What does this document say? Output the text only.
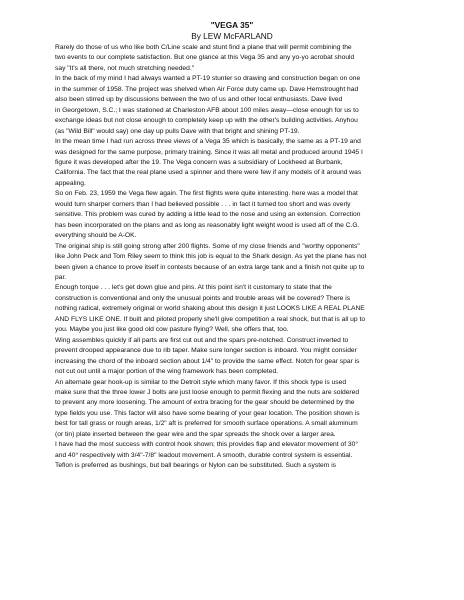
"VEGA 35"
By LEW McFARLAND

Rarely do those of us who like both C/Line scale and stunt find a plane that will permit combining the
two events to our complete satisfaction. But one glance at this Vega 35 and any yo-yo acrobat should
say "It's all there, not much stretching needed."

In the back of my mind I had always wanted a PT-19 stunter so drawing and construction began on one
in the summer of 1958. The project was shelved when Air Force duty came up. Dave Hemstrought had
also been stirred up by discussions between the two of us and other local enthusiasts. Dave lived
in Georgetown, S.C.; I was stationed at Charleston AFB about 100 miles away—close enough for us to
exchange ideas but not close enough to completely keep up with the other's building activities. Anyhou
(as "Wild Bill" would say) one day up pulls Dave with that bright and shining PT-19.

In the mean time I had run across three views of a Vega 35 which is basically, the same as a PT-19 and
was designed for the same purpose, primary training. Since it was all metal and produced around 1945 I
figure it was developed after the 19. The Vega concern was a subsidiary of Lockheed at Burbank,
California. The fact that the real plane used a spinner and there were few if any models of it around was
appealing.

So on Feb. 23, 1959 the Vega flew again. The first flights were quite interesting. here was a model that
would turn sharper corners than I had believed possible . . . in fact it turned too short and was overly
sensitive. This problem was cured by adding a little lead to the nose and using an extension. Correction
has been incorporated on the plans and as long as reasonably light weight wood is used aft of the C.G.
everything should be A-OK.

The original ship is still going strong after 200 flights. Some of my close friends and "worthy opponents"
like John Peck and Tom Riley seem to think this job is equal to the Shark design. As yet the plane has not
been given a chance to prove itself in contests because of an extra large tank and a finish not quite up to
par.

Enough torque . . . let's get down glue and pins. At this point isn't it customary to state that the
construction is conventional and only the unusual points and trouble areas will be covered? There is
nothing radical, extremely original or world shaking about this design it just LOOKS LIKE A REAL PLANE
AND FLYS LIKE ONE. If built and piloted properly she'll give competition a real shock, but that is all up to
you. Maybe you just like good old cow pasture flying? Well, she offers that, too.

Wing assembles quickly if all parts are first cut out and the spars pre-notched. Construct inverted to
prevent drooped appearance due to rib taper. Make sure longer section is inboard. You might consider
increasing the chord of the inboard section about 1/4" to provide the same effect. Notch for gear spar is
not cut out until a major portion of the wing framework has been completed.

An alternate gear hook-up is similar to the Detroit style which many favor. If this shock type is used
make sure that the three lower J bolts are just loose enough to permit flexing and the nuts are soldered
to prevent any more loosening. The amount of extra bracing for the gear should be determined by the
type fields you use. This factor will also have some bearing of your gear location. The position shown is
best for tall grass or rough areas, 1/2" aft is preferred for smooth surface operations. A small aluminum
(or tin) plate inserted between the gear wire and the spar spreads the shock over a larger area.

I have had the most success with control hook shown; this provides flap and elevator movement of 30°
and 40° respectively with 3/4"-7/8" leadout movement. A smooth, durable control system is essential.
Teflon is preferred as bushings, but ball bearings or Nylon can be substituted. Such a system is
